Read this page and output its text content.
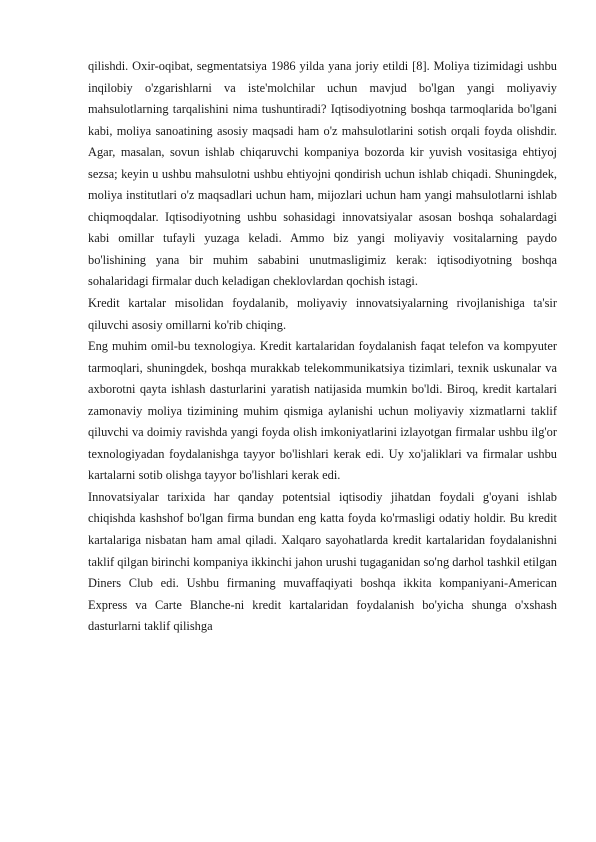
qilishdi. Oxir-oqibat, segmentatsiya 1986 yilda yana joriy etildi [8]. Moliya tizimidagi ushbu inqilobiy o'zgarishlarni va iste'molchilar uchun mavjud bo'lgan yangi moliyaviy mahsulotlarning tarqalishini nima tushuntiradi? Iqtisodiyotning boshqa tarmoqlarida bo'lgani kabi, moliya sanoatining asosiy maqsadi ham o'z mahsulotlarini sotish orqali foyda olishdir. Agar, masalan, sovun ishlab chiqaruvchi kompaniya bozorda kir yuvish vositasiga ehtiyoj sezsa; keyin u ushbu mahsulotni ushbu ehtiyojni qondirish uchun ishlab chiqadi. Shuningdek, moliya institutlari o'z maqsadlari uchun ham, mijozlari uchun ham yangi mahsulotlarni ishlab chiqmoqdalar. Iqtisodiyotning ushbu sohasidagi innovatsiyalar asosan boshqa sohalardagi kabi omillar tufayli yuzaga keladi. Ammo biz yangi moliyaviy vositalarning paydo bo'lishining yana bir muhim sababini unutmasligimiz kerak: iqtisodiyotning boshqa sohalaridagi firmalar duch keladigan cheklovlardan qochish istagi.

Kredit kartalar misolidan foydalanib, moliyaviy innovatsiyalarning rivojlanishiga ta'sir qiluvchi asosiy omillarni ko'rib chiqing.

Eng muhim omil-bu texnologiya. Kredit kartalaridan foydalanish faqat telefon va kompyuter tarmoqlari, shuningdek, boshqa murakkab telekommunikatsiya tizimlari, texnik uskunalar va axborotni qayta ishlash dasturlarini yaratish natijasida mumkin bo'ldi. Biroq, kredit kartalari zamonaviy moliya tizimining muhim qismiga aylanishi uchun moliyaviy xizmatlarni taklif qiluvchi va doimiy ravishda yangi foyda olish imkoniyatlarini izlayotgan firmalar ushbu ilg'or texnologiyadan foydalanishga tayyor bo'lishlari kerak edi. Uy xo'jaliklari va firmalar ushbu kartalarni sotib olishga tayyor bo'lishlari kerak edi.

Innovatsiyalar tarixida har qanday potentsial iqtisodiy jihatdan foydali g'oyani ishlab chiqishda kashshof bo'lgan firma bundan eng katta foyda ko'rmasligi odatiy holdir. Bu kredit kartalariga nisbatan ham amal qiladi. Xalqaro sayohatlarda kredit kartalaridan foydalanishni taklif qilgan birinchi kompaniya ikkinchi jahon urushi tugaganidan so'ng darhol tashkil etilgan Diners Club edi. Ushbu firmaning muvaffaqiyati boshqa ikkita kompaniyani-American Express va Carte Blanche-ni kredit kartalaridan foydalanish bo'yicha shunga o'xshash dasturlarni taklif qilishga
